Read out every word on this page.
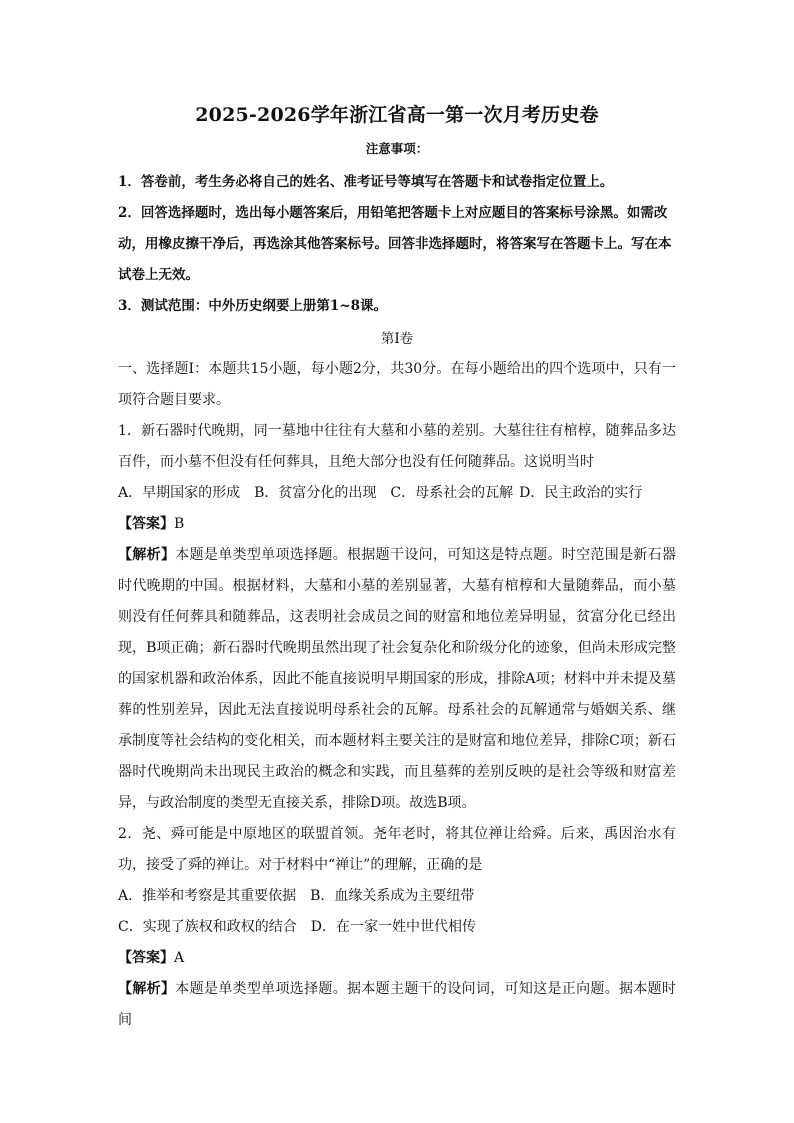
2025-2026学年浙江省高一第一次月考历史卷
注意事项：

1．答卷前，考生务必将自己的姓名、准考证号等填写在答题卡和试卷指定位置上。

2．回答选择题时，选出每小题答案后，用铅笔把答题卡上对应题目的答案标号涂黑。如需改动，用橡皮擦干净后，再选涂其他答案标号。回答非选择题时，将答案写在答题卡上。写在本试卷上无效。

3．测试范围：中外历史纲要上册第1~8课。

第Ⅰ卷

一、选择题Ⅰ：本题共15小题，每小题2分，共30分。在每小题给出的四个选项中，只有一项符合题目要求。

1．新石器时代晚期，同一墓地中往往有大墓和小墓的差别。大墓往往有棺椁，随葬品多达百件，而小墓不但没有任何葬具，且绝大部分也没有任何随葬品。这说明当时

A．早期国家的形成 B．贫富分化的出现 C．母系社会的瓦解 D．民主政治的实行

【答案】B

【解析】本题是单类型单项选择题。根据题干设问，可知这是特点题。时空范围是新石器时代晚期的中国。根据材料，大墓和小墓的差别显著，大墓有棺椁和大量随葬品，而小墓则没有任何葬具和随葬品，这表明社会成员之间的财富和地位差异明显，贫富分化已经出现，B项正确；新石器时代晚期虽然出现了社会复杂化和阶级分化的迹象，但尚未形成完整的国家机器和政治体系，因此不能直接说明早期国家的形成，排除A项；材料中并未提及墓葬的性别差异，因此无法直接说明母系社会的瓦解。母系社会的瓦解通常与婚姻关系、继承制度等社会结构的变化相关，而本题材料主要关注的是财富和地位差异，排除C项；新石器时代晚期尚未出现民主政治的概念和实践，而且墓葬的差别反映的是社会等级和财富差异，与政治制度的类型无直接关系，排除D项。故选B项。

2．尧、舜可能是中原地区的联盟首领。尧年老时，将其位禅让给舜。后来，禹因治水有功，接受了舜的禅让。对于材料中“禅让”的理解，正确的是

A．推举和考察是其重要依据 B．血缘关系成为主要纽带

C．实现了族权和政权的结合 D．在一家一姓中世代相传

【答案】A

【解析】本题是单类型单项选择题。据本题主题干的设问词，可知这是正向题。据本题时间
